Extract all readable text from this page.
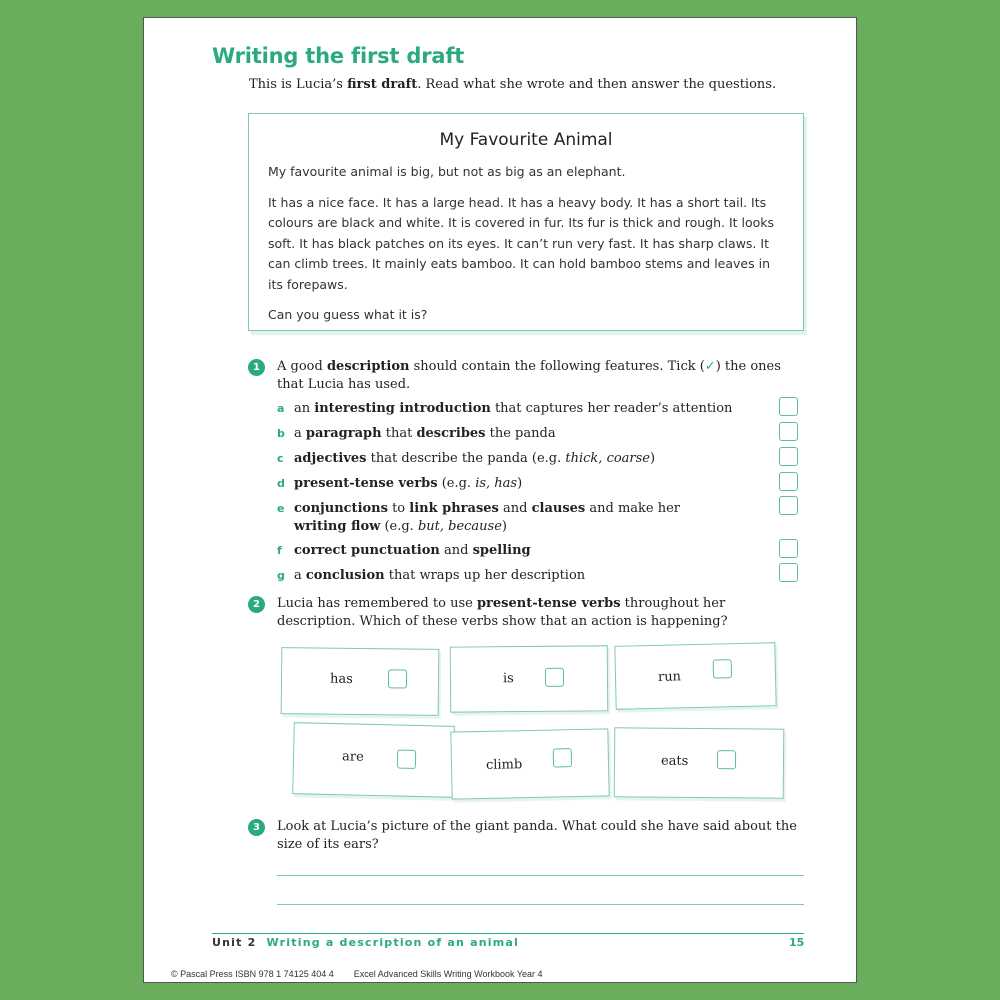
Writing the first draft
This is Lucia’s first draft. Read what she wrote and then answer the questions.
My Favourite Animal
My favourite animal is big, but not as big as an elephant.
It has a nice face. It has a large head. It has a heavy body. It has a short tail. Its colours are black and white. It is covered in fur. Its fur is thick and rough. It looks soft. It has black patches on its eyes. It can’t run very fast. It has sharp claws. It can climb trees. It mainly eats bamboo. It can hold bamboo stems and leaves in its forepaws.
Can you guess what it is?
1	A good description should contain the following features. Tick (✓) the ones that Lucia has used.
a an interesting introduction that captures her reader’s attention
b a paragraph that describes the panda
c adjectives that describe the panda (e.g. thick, coarse)
d present-tense verbs (e.g. is, has)
e conjunctions to link phrases and clauses and make her writing flow (e.g. but, because)
f correct punctuation and spelling
g a conclusion that wraps up her description
2	Lucia has remembered to use present-tense verbs throughout her description. Which of these verbs show that an action is happening?
has	is	run
are
climb	eats
3	Look at Lucia’s picture of the giant panda. What could she have said about the size of its ears?
Unit 2 Writing a description of an animal	15
© Pascal Press ISBN 978 1 74125 404 4 Excel Advanced Skills Writing Workbook Year 4
